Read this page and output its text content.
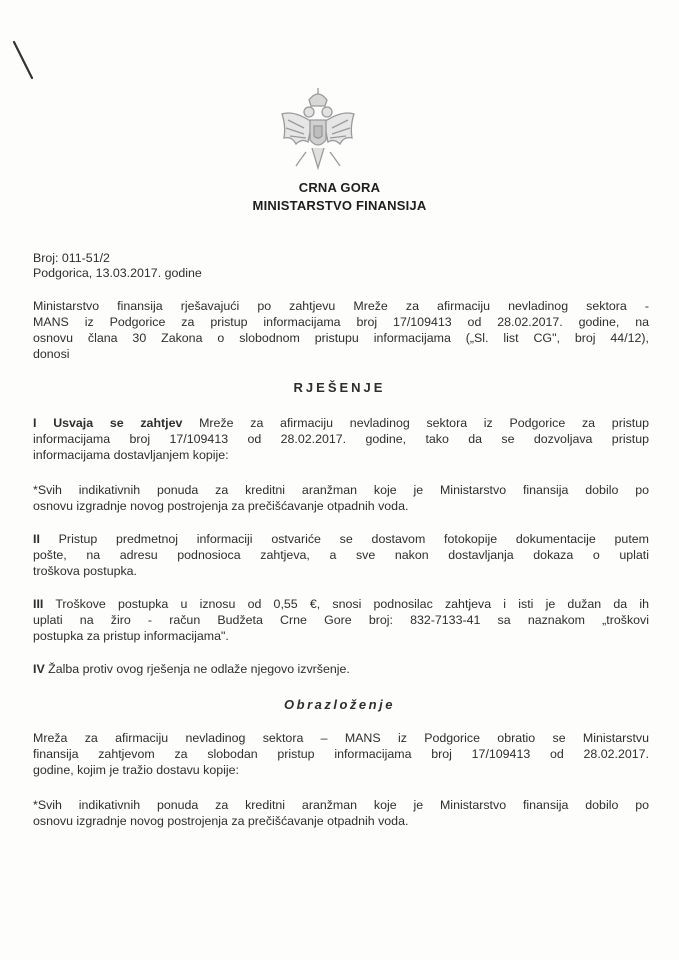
CRNA GORA
MINISTARSTVO FINANSIJA
Broj: 011-51/2
Podgorica, 13.03.2017. godine
Ministarstvo finansija rješavajući po zahtjevu Mreže za afirmaciju nevladinog sektora -
MANS iz Podgorice za pristup informacijama broj 17/109413 od 28.02.2017. godine, na
osnovu člana 30 Zakona o slobodnom pristupu informacijama („Sl. list CG", broj 44/12),
donosi
RJEŠENJE
I Usvaja se zahtjev Mreže za afirmaciju nevladinog sektora iz Podgorice za pristup
informacijama broj 17/109413 od 28.02.2017. godine, tako da se dozvoljava pristup
informacijama dostavljanjem kopije:
*Svih indikativnih ponuda za kreditni aranžman koje je Ministarstvo finansija dobilo po
osnovu izgradnje novog postrojenja za prečišćavanje otpadnih voda.
II Pristup predmetnoj informaciji ostvariće se dostavom fotokopije dokumentacije putem
pošte, na adresu podnosioca zahtjeva, a sve nakon dostavljanja dokaza o uplati
troškova postupka.
III Troškove postupka u iznosu od 0,55 €, snosi podnosilac zahtjeva i isti je dužan da ih
uplati na žiro - račun Budžeta Crne Gore broj: 832-7133-41 sa naznakom „troškovi
postupka za pristup informacijama".
IV Žalba protiv ovog rješenja ne odlaže njegovo izvršenje.
Obrazloženje
Mreža za afirmaciju nevladinog sektora – MANS iz Podgorice obratio se Ministarstvu
finansija zahtjevom za slobodan pristup informacijama broj 17/109413 od 28.02.2017.
godine, kojim je tražio dostavu kopije:
*Svih indikativnih ponuda za kreditni aranžman koje je Ministarstvo finansija dobilo po
osnovu izgradnje novog postrojenja za prečišćavanje otpadnih voda.
